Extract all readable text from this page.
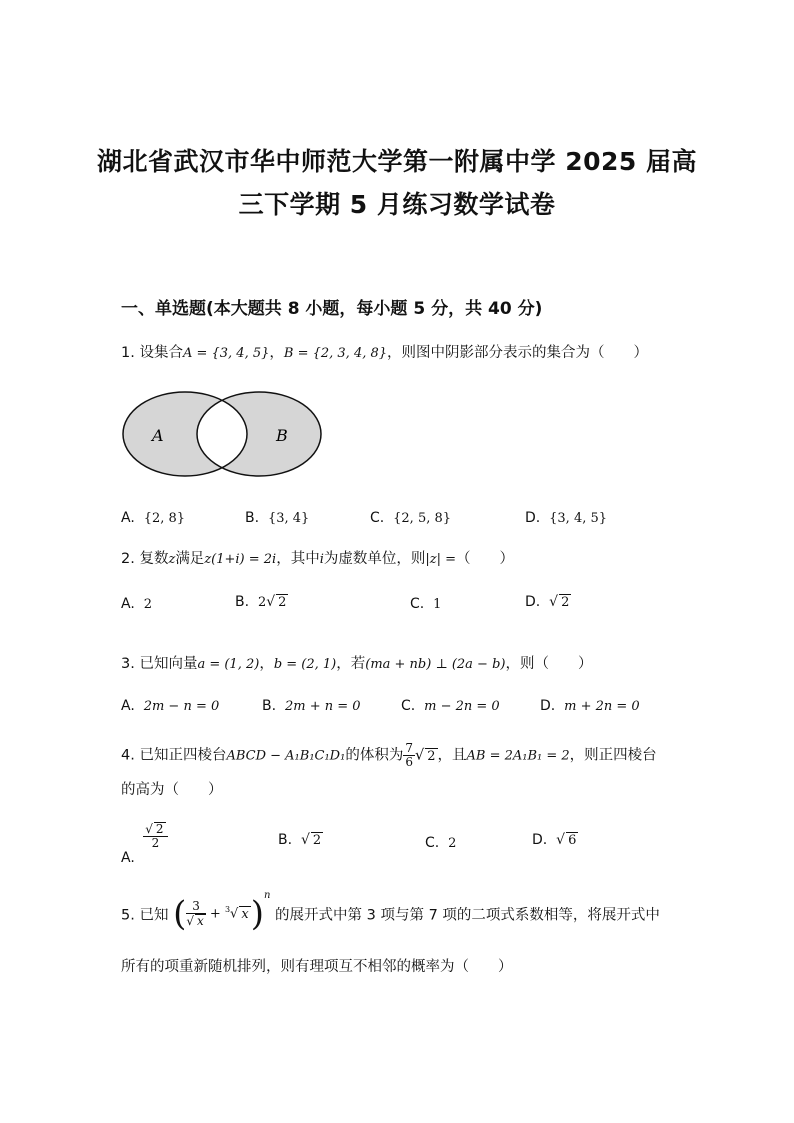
湖北省武汉市华中师范大学第一附属中学 2025 届高
三下学期 5 月练习数学试卷
一、单选题(本大题共 8 小题，每小题 5 分，共 40 分)
1. 设集合A = {3, 4, 5}，B = {2, 3, 4, 8}，则图中阴影部分表示的集合为（　　）
A	B
A. {2, 8}	B. {3, 4}	C. {2, 5, 8}	D. {3, 4, 5}
2. 复数z满足z(1+i) = 2i，其中i为虚数单位，则|z| =（　　）
A. 2	B. 2√ 2	C. 1	D. √ 2
3. 已知向量a = (1, 2)，b = (2, 1)，若(ma + nb) ⊥ (2a − b)，则（　　）
A. 2m − n = 0	B. 2m + n = 0	C. m − 2n = 0	D. m + 2n = 0
4. 已知正四棱台ABCD − A₁B₁C₁D₁的体积为 $\frac{7}{6}$ √ 2 ，且AB = 2A₁B₁ = 2，则正四棱台
的高为（　　）
A.
$\frac{√ 2}{2}$	B. √ 2	C. 2	D. √ 6
5. 已知 ( $\frac{3}{√ x} + ^3√$ x)$^n$ 的展开式中第 3 项与第 7 项的二项式系数相等，将展开式中
所有的项重新随机排列，则有理项互不相邻的概率为（　　）
